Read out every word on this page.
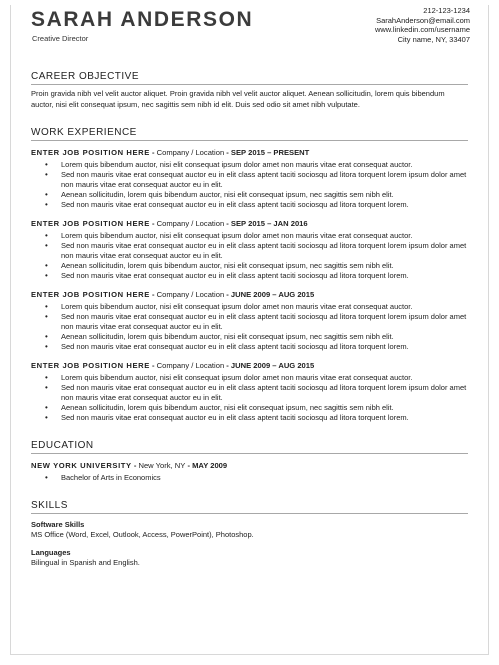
SARAH ANDERSON
Creative Director
212-123-1234
SarahAnderson@email.com
www.linkedin.com/username
City name, NY, 33407
CAREER OBJECTIVE

Proin gravida nibh vel velit auctor aliquet. Proin gravida nibh vel velit auctor aliquet. Aenean sollicitudin, lorem quis bibendum auctor, nisi elit consequat ipsum, nec sagittis sem nibh id elit. Duis sed odio sit amet nibh vulputate.

WORK EXPERIENCE

ENTER JOB POSITION HERE - Company / Location - SEP 2015 – PRESENT

• Lorem quis bibendum auctor, nisi elit consequat ipsum dolor amet non mauris vitae erat consequat auctor.
• Sed non mauris vitae erat consequat auctor eu in elit class aptent taciti sociosqu ad litora torquent lorem ipsum dolor amet non mauris vitae erat consequat auctor eu in elit.
• Aenean sollicitudin, lorem quis bibendum auctor, nisi elit consequat ipsum, nec sagittis sem nibh elit.
• Sed non mauris vitae erat consequat auctor eu in elit class aptent taciti sociosqu ad litora torquent lorem.

ENTER JOB POSITION HERE - Company / Location - SEP 2015 – JAN 2016

• Lorem quis bibendum auctor, nisi elit consequat ipsum dolor amet non mauris vitae erat consequat auctor.
• Sed non mauris vitae erat consequat auctor eu in elit class aptent taciti sociosqu ad litora torquent lorem ipsum dolor amet non mauris vitae erat consequat auctor eu in elit.
• Aenean sollicitudin, lorem quis bibendum auctor, nisi elit consequat ipsum, nec sagittis sem nibh elit.
• Sed non mauris vitae erat consequat auctor eu in elit class aptent taciti sociosqu ad litora torquent lorem.

ENTER JOB POSITION HERE - Company / Location - JUNE 2009 – AUG 2015

• Lorem quis bibendum auctor, nisi elit consequat ipsum dolor amet non mauris vitae erat consequat auctor.
• Sed non mauris vitae erat consequat auctor eu in elit class aptent taciti sociosqu ad litora torquent lorem ipsum dolor amet non mauris vitae erat consequat auctor eu in elit.
• Aenean sollicitudin, lorem quis bibendum auctor, nisi elit consequat ipsum, nec sagittis sem nibh elit.
• Sed non mauris vitae erat consequat auctor eu in elit class aptent taciti sociosqu ad litora torquent lorem.

ENTER JOB POSITION HERE - Company / Location - JUNE 2009 – AUG 2015

• Lorem quis bibendum auctor, nisi elit consequat ipsum dolor amet non mauris vitae erat consequat auctor.
• Sed non mauris vitae erat consequat auctor eu in elit class aptent taciti sociosqu ad litora torquent lorem ipsum dolor amet non mauris vitae erat consequat auctor eu in elit.
• Aenean sollicitudin, lorem quis bibendum auctor, nisi elit consequat ipsum, nec sagittis sem nibh elit.
• Sed non mauris vitae erat consequat auctor eu in elit class aptent taciti sociosqu ad litora torquent lorem.
EDUCATION

NEW YORK UNIVERSITY - New York, NY - MAY 2009

• Bachelor of Arts in Economics
SKILLS

Software Skills

MS Office (Word, Excel, Outlook, Access, PowerPoint), Photoshop.

Languages

Bilingual in Spanish and English.
